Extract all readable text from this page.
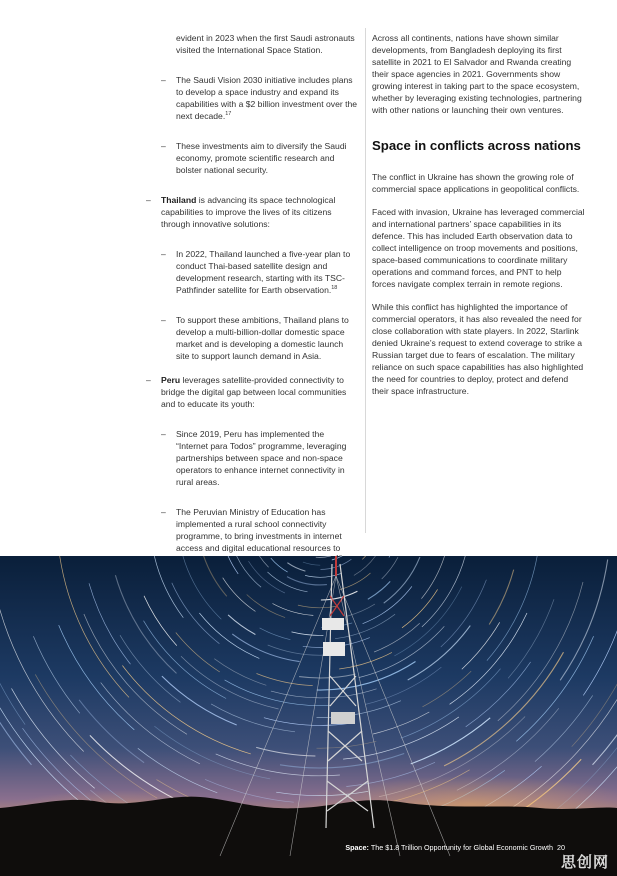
evident in 2023 when the first Saudi astronauts visited the International Space Station.

– The Saudi Vision 2030 initiative includes plans to develop a space industry and expand its capabilities with a $2 billion investment over the next decade.$^{17}$
– These investments aim to diversify the Saudi economy, promote scientific research and bolster national security.
– Thailand is advancing its space technological capabilities to improve the lives of its citizens through innovative solutions:
– In 2022, Thailand launched a five-year plan to conduct Thai-based satellite design and development research, starting with its TSC-Pathfinder satellite for Earth observation.$^{18}$
– To support these ambitions, Thailand plans to develop a multi-billion-dollar domestic space market and is developing a domestic launch site to support launch demand in Asia.
– Peru leverages satellite-provided connectivity to bridge the digital gap between local communities and to educate its youth:
– Since 2019, Peru has implemented the “Internet para Todos” programme, leveraging partnerships between space and non-space operators to enhance internet connectivity in rural areas.
– The Peruvian Ministry of Education has implemented a rural school connectivity programme, to bring investments in internet access and digital educational resources to

Across all continents, nations have shown similar developments, from Bangladesh deploying its first satellite in 2021 to El Salvador and Rwanda creating their space agencies in 2021. Governments show growing interest in taking part to the space ecosystem, whether by leveraging existing technologies, partnering with other nations or launching their own ventures.

Space in conflicts across nations

The conflict in Ukraine has shown the growing role of commercial space applications in geopolitical conflicts.

Faced with invasion, Ukraine has leveraged commercial and international partners’ space capabilities in its defence. This has included Earth observation data to collect intelligence on troop movements and positions, space-based communications to coordinate military operations and command forces, and PNT to help forces navigate complex terrain in remote regions.

While this conflict has highlighted the importance of commercial operators, it has also revealed the need for close collaboration with state players. In 2022, Starlink denied Ukraine’s request to extend coverage to strike a Russian target due to fears of escalation. The military reliance on such space capabilities has also highlighted the need for countries to deploy, protect and defend their space infrastructure.

Space: The $1.8 Trillion Opportunity for Global Economic Growth 20
思创网
